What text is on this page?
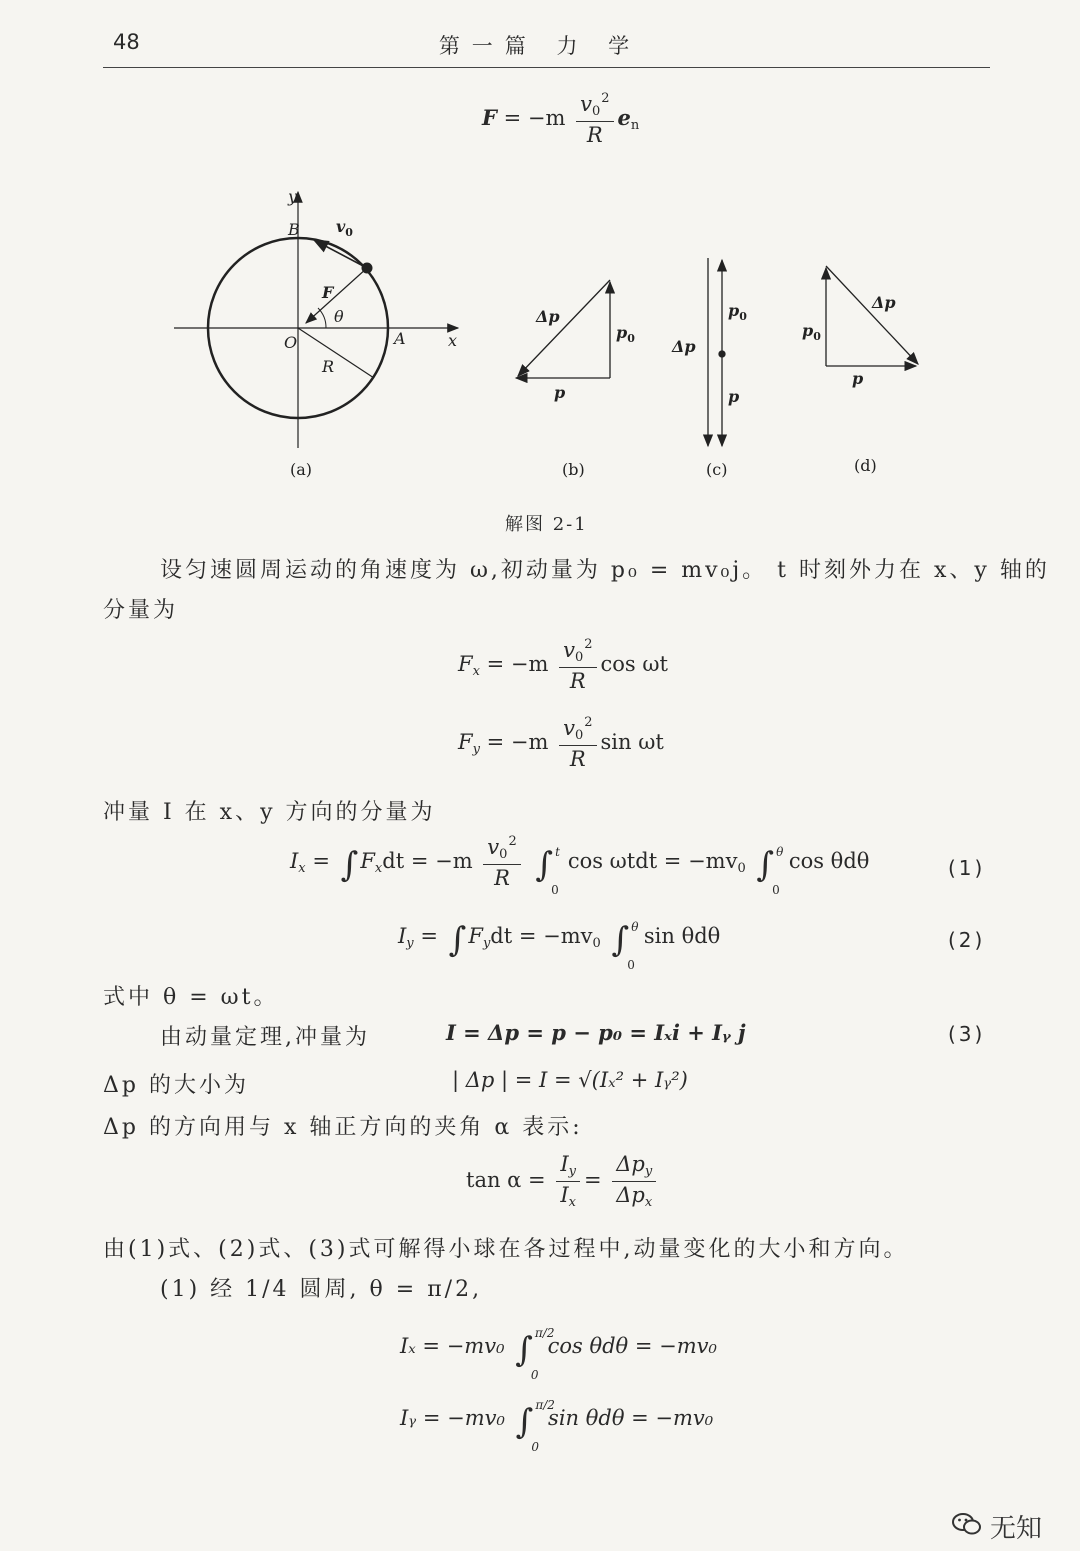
48	第一篇 力 学
$F = -m \frac{v_0^2}{R} e_n$
y
x
B
O	A
F
θ
R
$v_0$
(a)
Δp
$p_0$
p
(b)
Δp
$p_0$
p
(c)
Δp
$p_0$
p
(d)
解图 2-1
设匀速圆周运动的角速度为 ω,初动量为 p₀ = mv₀j。 t 时刻外力在 x、y 轴的
分量为
$F_x = -m \frac{v_0^2}{R}$ cos ωt
$F_y = -m \frac{v_0^2}{R}$ sin ωt
冲量 I 在 x、y 方向的分量为
$I_x = \int F_xdt = -m \frac{v_0^2}{R}$ ∫ t
0
$\cos \omega tdt = -mv_0$ ∫ θ
0
cos θdθ	(1)
$I_y = \int F_ydt = -mv_0$ ∫ θ
0
sin θdθ	(2)
式中 θ = ωt。
由动量定理,冲量为	I = Δp = p − p₀ = Iₓi + Iᵧ j	(3)
Δp 的大小为	| Δp | = I = √(Iₓ² + Iᵧ²)
Δp 的方向用与 x 轴正方向的夹角 α 表示:
$\tan \alpha = \frac{I_y}{I_x} = \frac{\Delta p_y}{\Delta p_x}$
由(1)式、(2)式、(3)式可解得小球在各过程中,动量变化的大小和方向。
(1) 经 1/4 圆周, θ = π/2,
Iₓ = −mv₀ ∫ π/2
0
cos θdθ = −mv₀
Iᵧ = −mv₀ ∫ π/2
0
sin θdθ = −mv₀
无知
